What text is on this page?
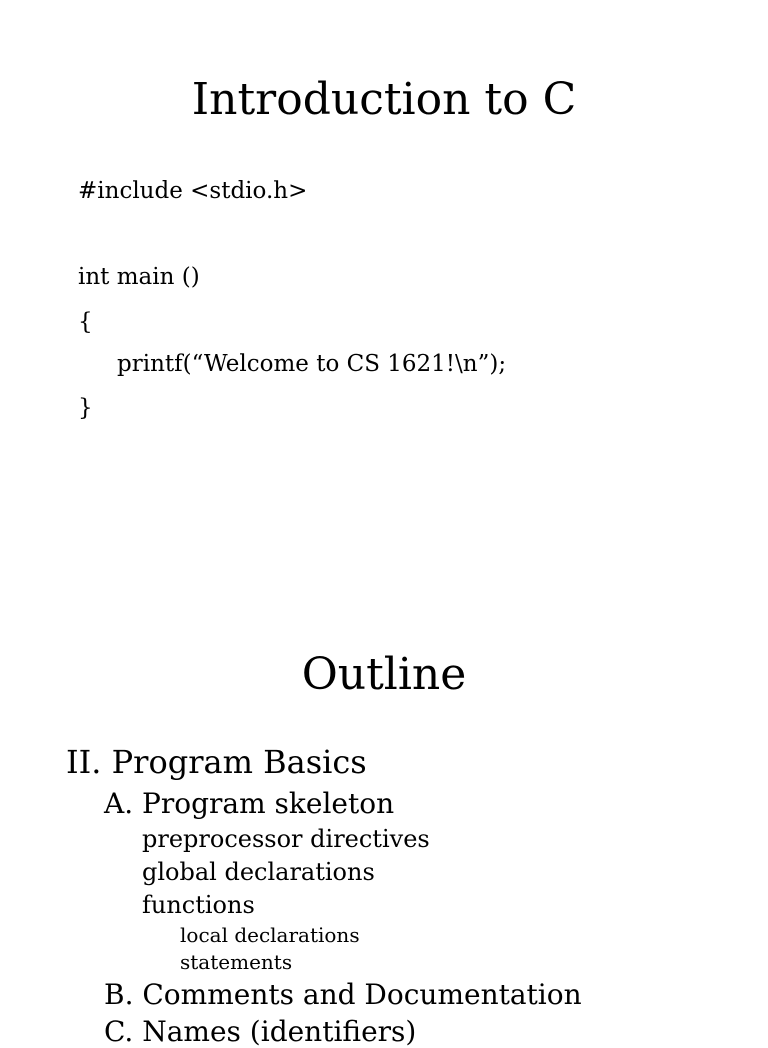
Introduction to C
#include <stdio.h>
int main ()
{
printf(“Welcome to CS 1621!\n”);
}
Outline
II. Program Basics
A. Program skeleton
preprocessor directives
global declarations
functions
local declarations
statements
B. Comments and Documentation
C. Names (identifiers)
